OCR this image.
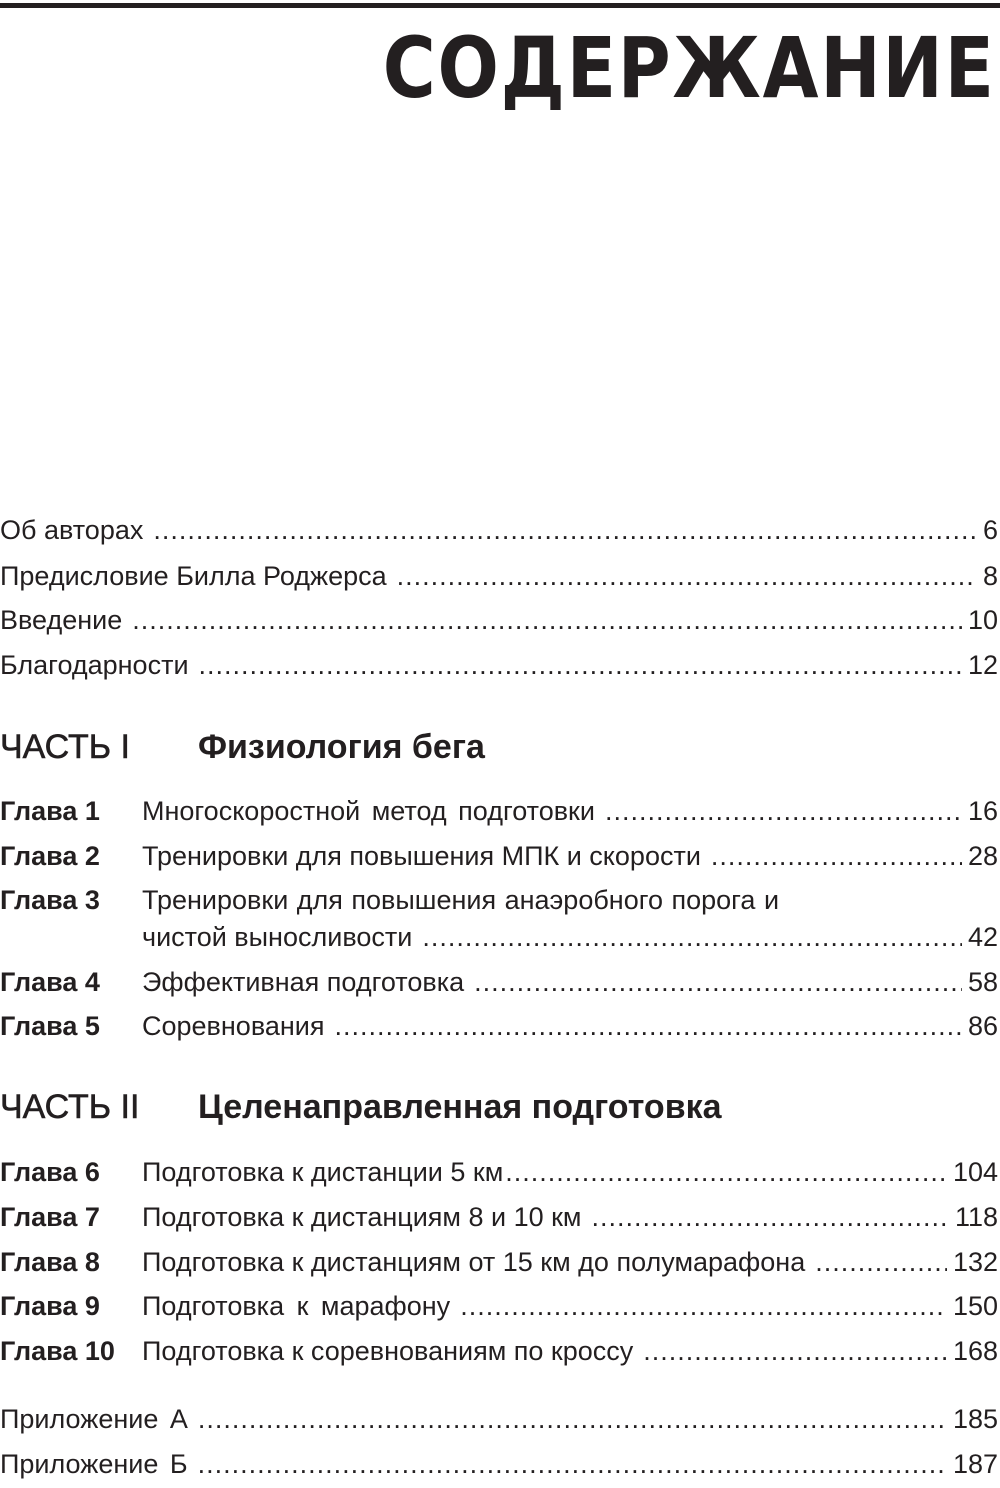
СОДЕРЖАНИЕ
Об авторах .....	6
Предисловие Билла Роджерса .....	8
Введение .....	10
Благодарности .....	12
ЧАСТЬ I Физиология бега
Глава 1	Многоскоростной метод подготовки .....	16
Глава 2	Тренировки для повышения МПК и скорости .....	28
Глава 3	Тренировки для повышения анаэробного порога и
чистой выносливости .....	42
Глава 4	Эффективная подготовка .....	58
Глава 5	Соревнования .....	86
ЧАСТЬ II Целенаправленная подготовка
Глава 6	Подготовка к дистанции 5 км .....	104
Глава 7	Подготовка к дистанциям 8 и 10 км .....	118
Глава 8	Подготовка к дистанциям от 15 км до полумарафона .....	132
Глава 9	Подготовка к марафону .....	150
Глава 10	Подготовка к соревнованиям по кроссу .....	168
Приложение А .....	185
Приложение Б .....	187
